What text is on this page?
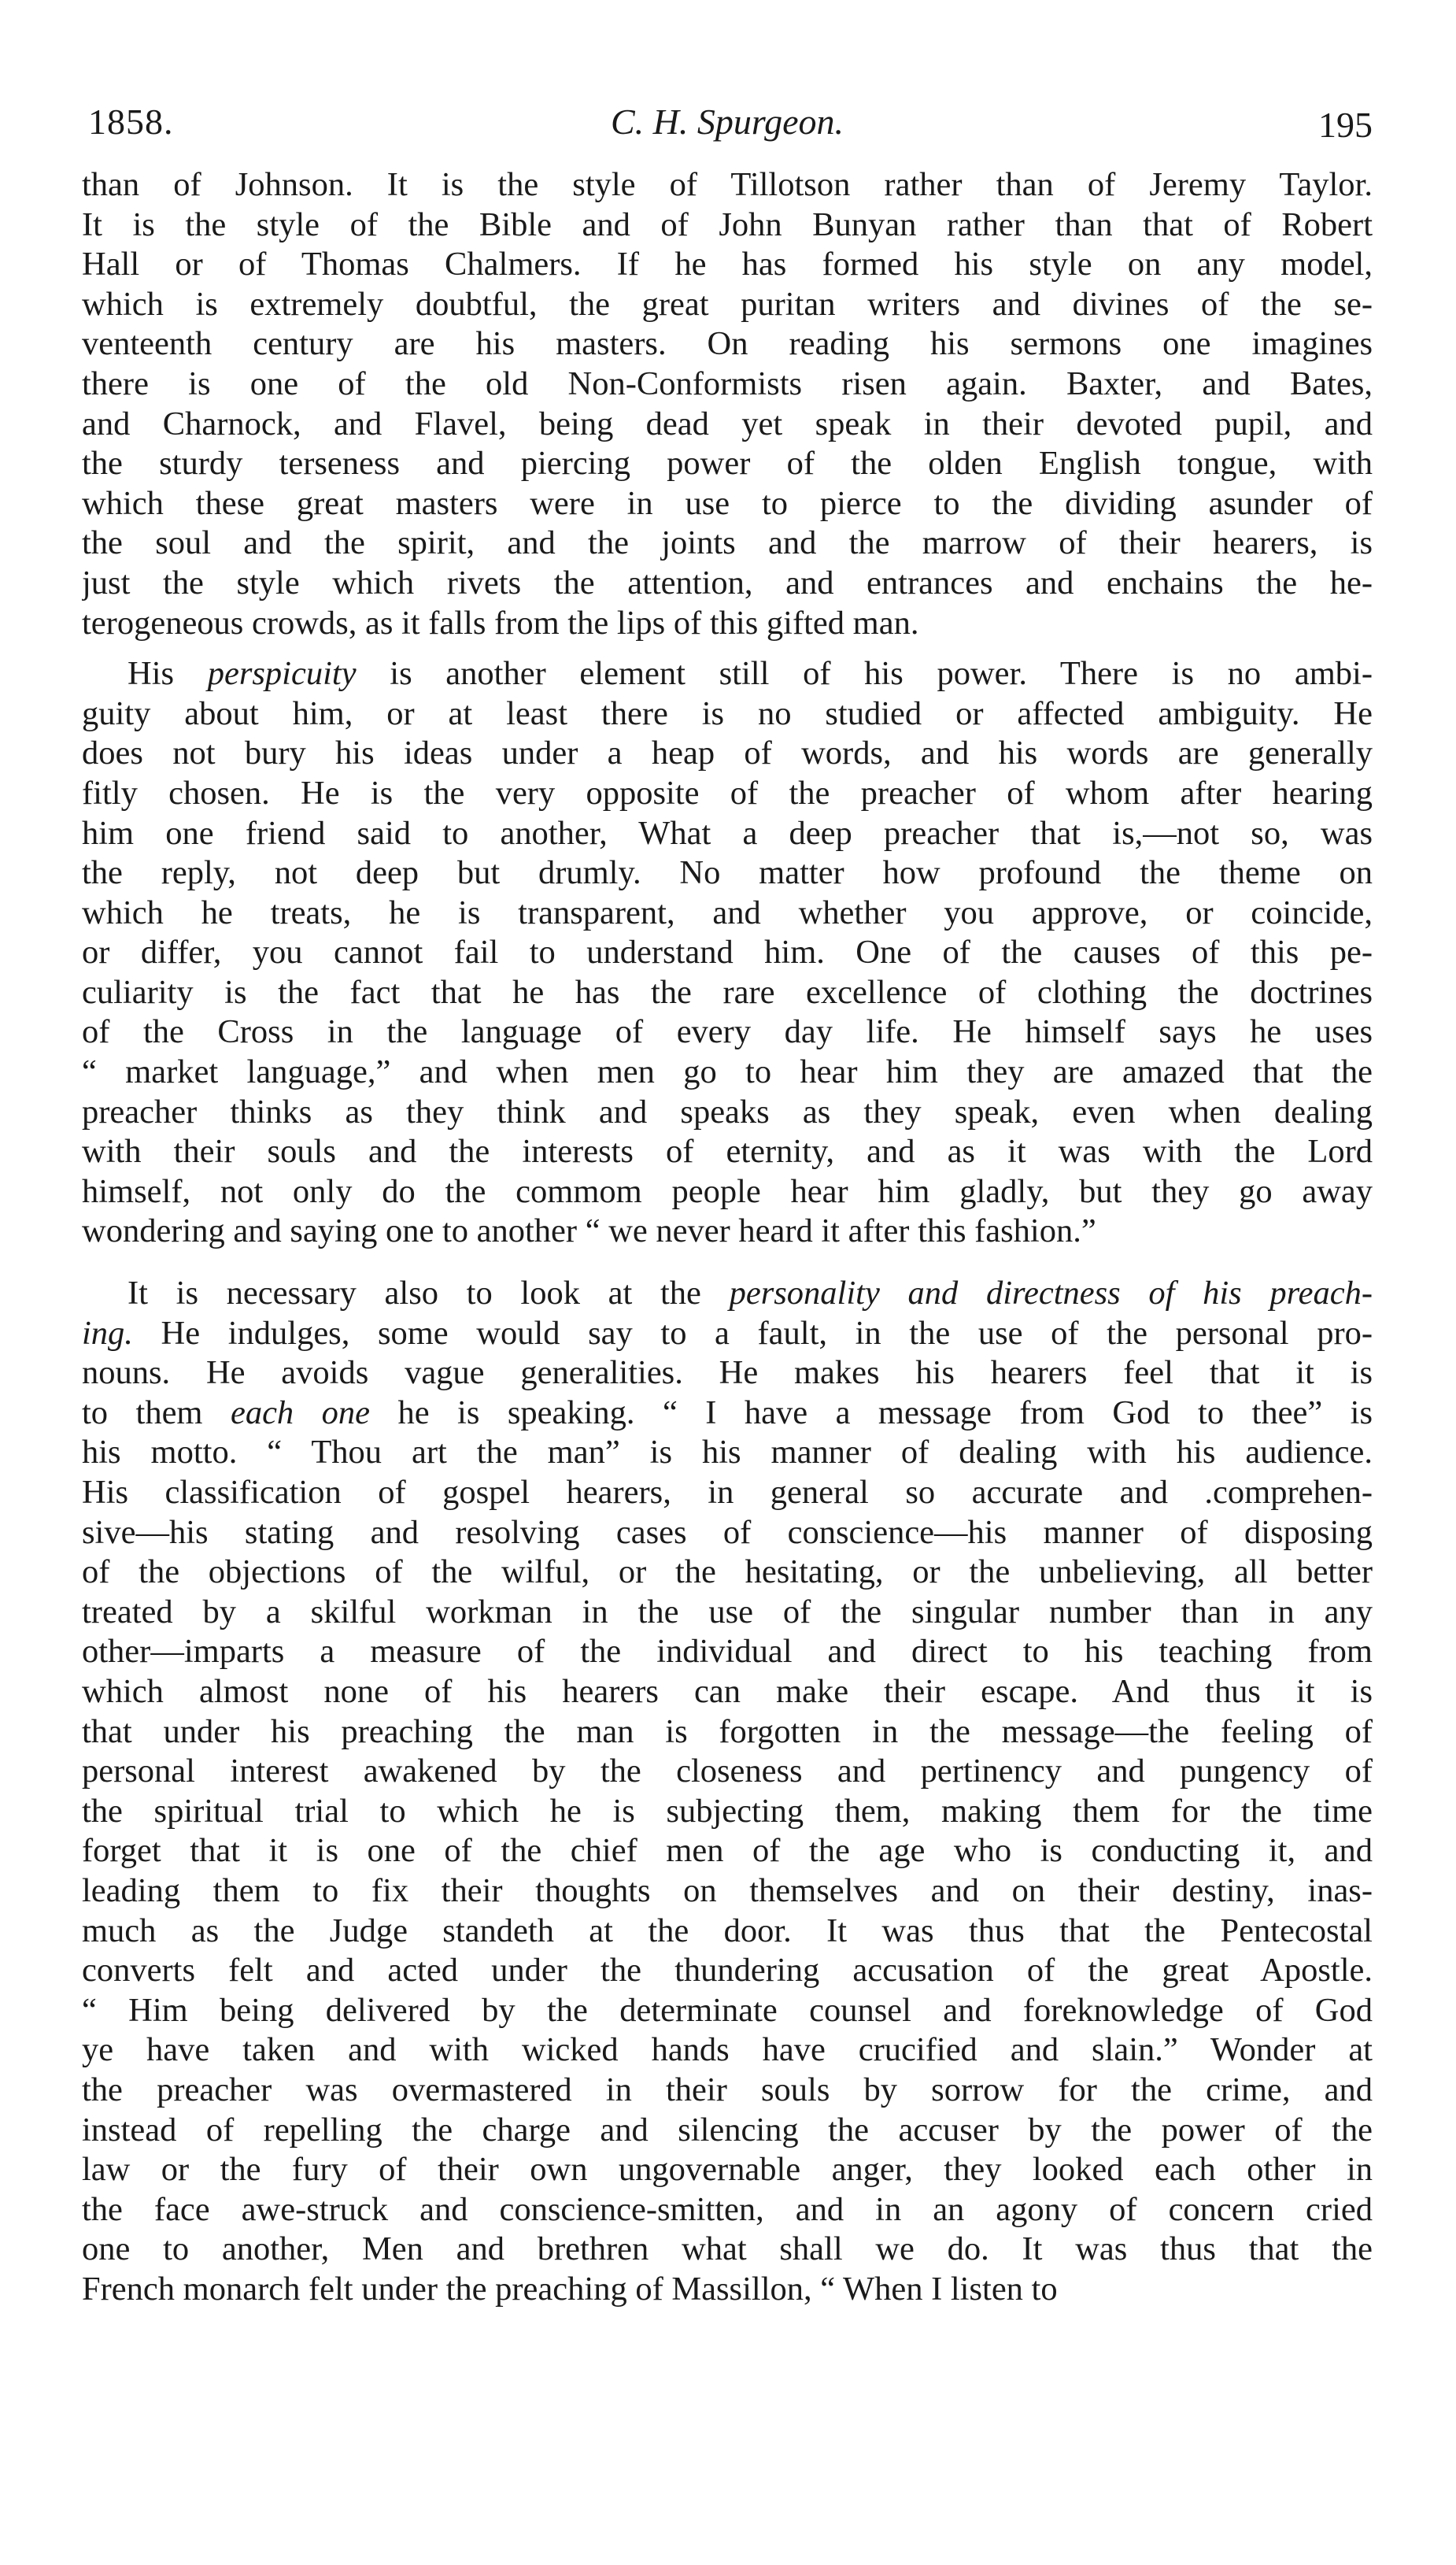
1858.	C. H. Spurgeon.	195
than of Johnson. It is the style of Tillotson rather than of Jeremy Taylor.
It is the style of the Bible and of John Bunyan rather than that of Robert
Hall or of Thomas Chalmers. If he has formed his style on any model,
which is extremely doubtful, the great puritan writers and divines of the se-
venteenth century are his masters. On reading his sermons one imagines
there is one of the old Non-Conformists risen again. Baxter, and Bates,
and Charnock, and Flavel, being dead yet speak in their devoted pupil, and
the sturdy terseness and piercing power of the olden English tongue, with
which these great masters were in use to pierce to the dividing asunder of
the soul and the spirit, and the joints and the marrow of their hearers, is
just the style which rivets the attention, and entrances and enchains the he-
terogeneous crowds, as it falls from the lips of this gifted man.
His perspicuity is another element still of his power. There is no ambi-
guity about him, or at least there is no studied or affected ambiguity. He
does not bury his ideas under a heap of words, and his words are generally
fitly chosen. He is the very opposite of the preacher of whom after hearing
him one friend said to another, What a deep preacher that is,—not so, was
the reply, not deep but drumly. No matter how profound the theme on
which he treats, he is transparent, and whether you approve, or coincide,
or differ, you cannot fail to understand him. One of the causes of this pe-
culiarity is the fact that he has the rare excellence of clothing the doctrines
of the Cross in the language of every day life. He himself says he uses
“ market language,” and when men go to hear him they are amazed that the
preacher thinks as they think and speaks as they speak, even when dealing
with their souls and the interests of eternity, and as it was with the Lord
himself, not only do the commom people hear him gladly, but they go away
wondering and saying one to another “ we never heard it after this fashion.”
It is necessary also to look at the personality and directness of his preach-
ing. He indulges, some would say to a fault, in the use of the personal pro-
nouns. He avoids vague generalities. He makes his hearers feel that it is
to them each one he is speaking. “ I have a message from God to thee” is
his motto. “ Thou art the man” is his manner of dealing with his audience.
His classification of gospel hearers, in general so accurate and .comprehen-
sive—his stating and resolving cases of conscience—his manner of disposing
of the objections of the wilful, or the hesitating, or the unbelieving, all better
treated by a skilful workman in the use of the singular number than in any
other—imparts a measure of the individual and direct to his teaching from
which almost none of his hearers can make their escape. And thus it is
that under his preaching the man is forgotten in the message—the feeling of
personal interest awakened by the closeness and pertinency and pungency of
the spiritual trial to which he is subjecting them, making them for the time
forget that it is one of the chief men of the age who is conducting it, and
leading them to fix their thoughts on themselves and on their destiny, inas-
much as the Judge standeth at the door. It was thus that the Pentecostal
converts felt and acted under the thundering accusation of the great Apostle.
“ Him being delivered by the determinate counsel and foreknowledge of God
ye have taken and with wicked hands have crucified and slain.” Wonder at
the preacher was overmastered in their souls by sorrow for the crime, and
instead of repelling the charge and silencing the accuser by the power of the
law or the fury of their own ungovernable anger, they looked each other in
the face awe-struck and conscience-smitten, and in an agony of concern cried
one to another, Men and brethren what shall we do. It was thus that the
French monarch felt under the preaching of Massillon, “ When I listen to
